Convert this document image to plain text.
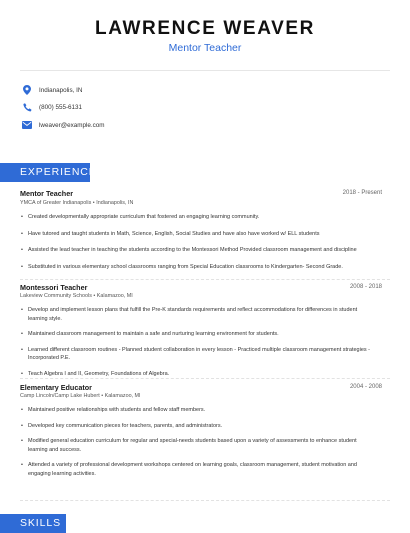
LAWRENCE WEAVER
Mentor Teacher
Indianapolis, IN
(800) 555-6131
lweaver@example.com
EXPERIENCE
Mentor Teacher	2018 - Present
YMCA of Greater Indianapolis • Indianapolis, IN
• Created developmentally appropriate curriculum that fostered an engaging learning community.
• Have tutored and taught students in Math, Science, English, Social Studies and have also have worked w/ ELL students
• Assisted the lead teacher in teaching the students according to the Montessori Method Provided classroom management and discipline
• Substituted in various elementary school classrooms ranging from Special Education classrooms to Kindergarten- Second Grade.
Montessori Teacher	2008 - 2018
Lakeview Community Schools • Kalamazoo, MI
• Develop and implement lesson plans that fulfill the Pre-K standards requirements and reflect accommodations for differences in student learning style.
• Maintained classroom management to maintain a safe and nurturing learning environment for students.
• Learned different classroom routines - Planned student collaboration in every lesson - Practiced multiple classroom management strategies - Incorporated P.E.
• Teach Algebra I and II, Geometry, Foundations of Algebra.
Elementary Educator	2004 - 2008
Camp Lincoln/Camp Lake Hubert • Kalamazoo, MI
• Maintained positive relationships with students and fellow staff members.
• Developed key communication pieces for teachers, parents, and administrators.
• Modified general education curriculum for regular and special-needs students based upon a variety of assessments to enhance student learning and success.
• Attended a variety of professional development workshops centered on learning goals, classroom management, student motivation and engaging learning activities.
SKILLS
